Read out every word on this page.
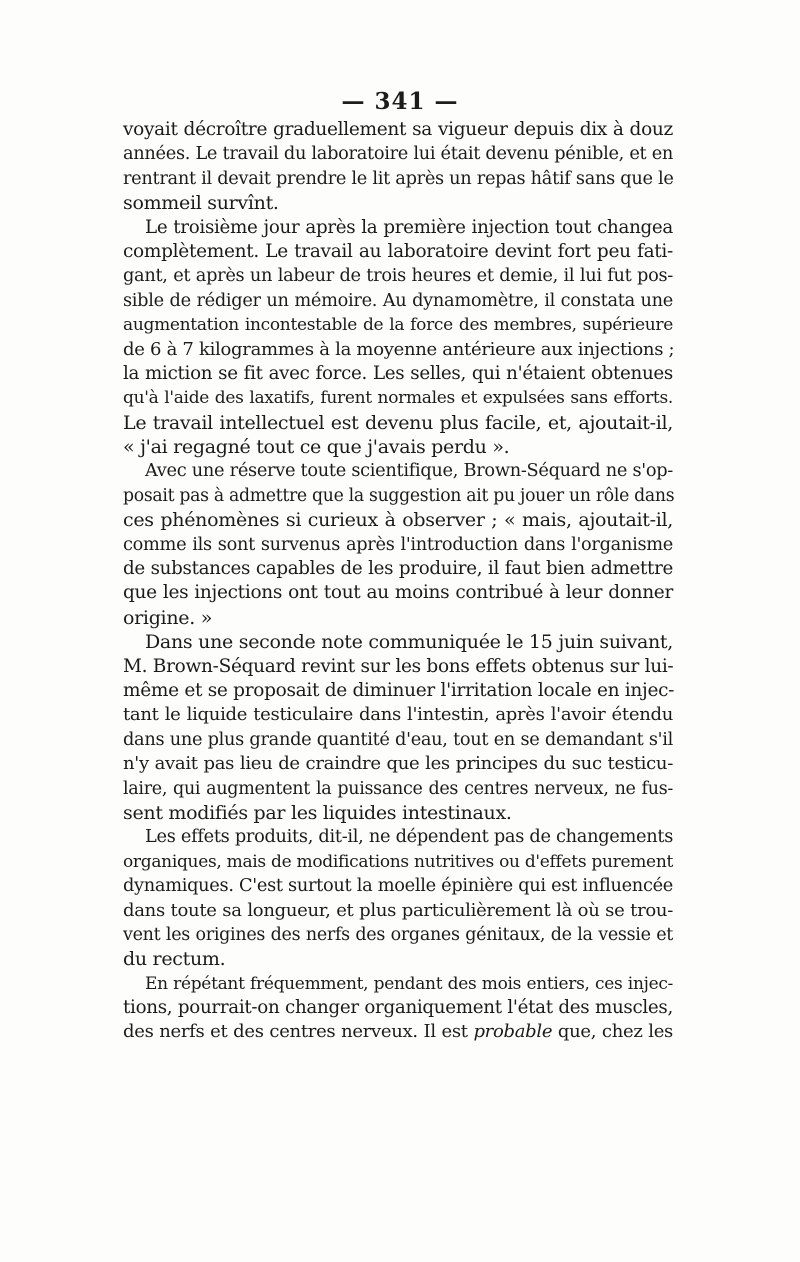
— 341 —
voyait décroître graduellement sa vigueur depuis dix à douz
années. Le travail du laboratoire lui était devenu pénible, et en
rentrant il devait prendre le lit après un repas hâtif sans que le
sommeil survînt.
Le troisième jour après la première injection tout changea
complètement. Le travail au laboratoire devint fort peu fati-
gant, et après un labeur de trois heures et demie, il lui fut pos-
sible de rédiger un mémoire. Au dynamomètre, il constata une
augmentation incontestable de la force des membres, supérieure
de 6 à 7 kilogrammes à la moyenne antérieure aux injections ;
la miction se fit avec force. Les selles, qui n'étaient obtenues
qu'à l'aide des laxatifs, furent normales et expulsées sans efforts.
Le travail intellectuel est devenu plus facile, et, ajoutait-il,
« j'ai regagné tout ce que j'avais perdu ».
Avec une réserve toute scientifique, Brown-Séquard ne s'op-
posait pas à admettre que la suggestion ait pu jouer un rôle dans
ces phénomènes si curieux à observer ; « mais, ajoutait-il,
comme ils sont survenus après l'introduction dans l'organisme
de substances capables de les produire, il faut bien admettre
que les injections ont tout au moins contribué à leur donner
origine. »
Dans une seconde note communiquée le 15 juin suivant,
M. Brown-Séquard revint sur les bons effets obtenus sur lui-
même et se proposait de diminuer l'irritation locale en injec-
tant le liquide testiculaire dans l'intestin, après l'avoir étendu
dans une plus grande quantité d'eau, tout en se demandant s'il
n'y avait pas lieu de craindre que les principes du suc testicu-
laire, qui augmentent la puissance des centres nerveux, ne fus-
sent modifiés par les liquides intestinaux.
Les effets produits, dit-il, ne dépendent pas de changements
organiques, mais de modifications nutritives ou d'effets purement
dynamiques. C'est surtout la moelle épinière qui est influencée
dans toute sa longueur, et plus particulièrement là où se trou-
vent les origines des nerfs des organes génitaux, de la vessie et
du rectum.
En répétant fréquemment, pendant des mois entiers, ces injec-
tions, pourrait-on changer organiquement l'état des muscles,
des nerfs et des centres nerveux. Il est probable que, chez les
